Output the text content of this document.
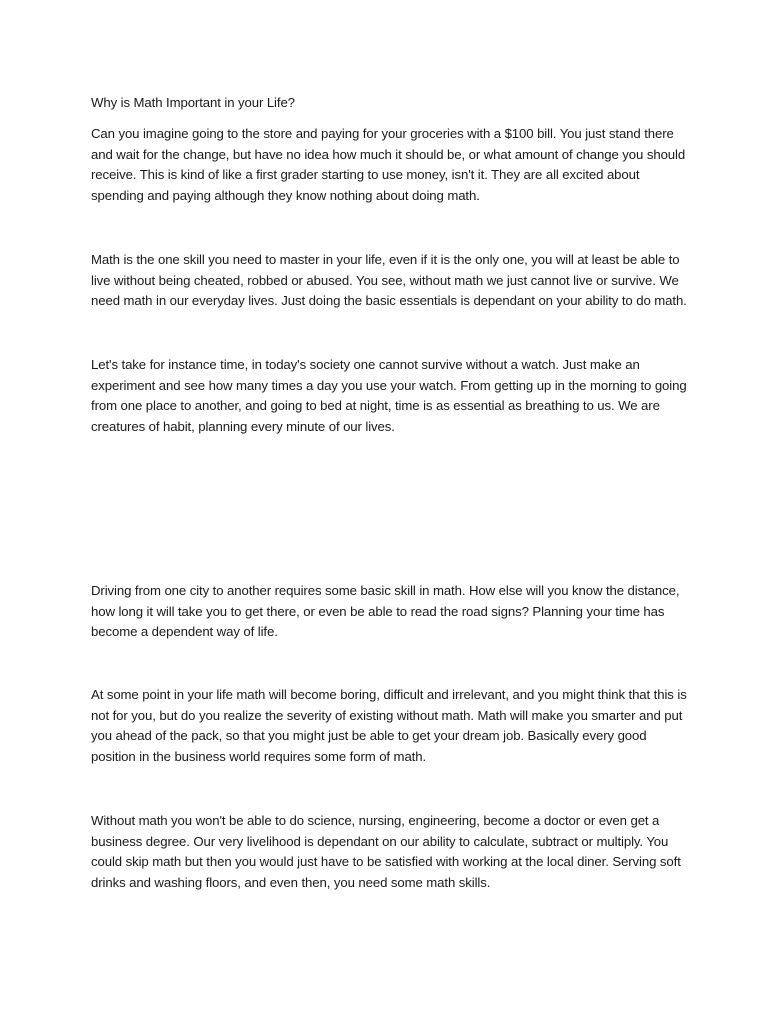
Why is Math Important in your Life?

Can you imagine going to the store and paying for your groceries with a $100 bill. You just stand there and wait for the change, but have no idea how much it should be, or what amount of change you should receive. This is kind of like a first grader starting to use money, isn't it. They are all excited about spending and paying although they know nothing about doing math.

Math is the one skill you need to master in your life, even if it is the only one, you will at least be able to live without being cheated, robbed or abused. You see, without math we just cannot live or survive. We need math in our everyday lives. Just doing the basic essentials is dependant on your ability to do math.

Let's take for instance time, in today's society one cannot survive without a watch. Just make an experiment and see how many times a day you use your watch. From getting up in the morning to going from one place to another, and going to bed at night, time is as essential as breathing to us. We are creatures of habit, planning every minute of our lives.

Driving from one city to another requires some basic skill in math. How else will you know the distance, how long it will take you to get there, or even be able to read the road signs? Planning your time has become a dependent way of life.

At some point in your life math will become boring, difficult and irrelevant, and you might think that this is not for you, but do you realize the severity of existing without math. Math will make you smarter and put you ahead of the pack, so that you might just be able to get your dream job. Basically every good position in the business world requires some form of math.

Without math you won't be able to do science, nursing, engineering, become a doctor or even get a business degree. Our very livelihood is dependant on our ability to calculate, subtract or multiply. You could skip math but then you would just have to be satisfied with working at the local diner. Serving soft drinks and washing floors, and even then, you need some math skills.
